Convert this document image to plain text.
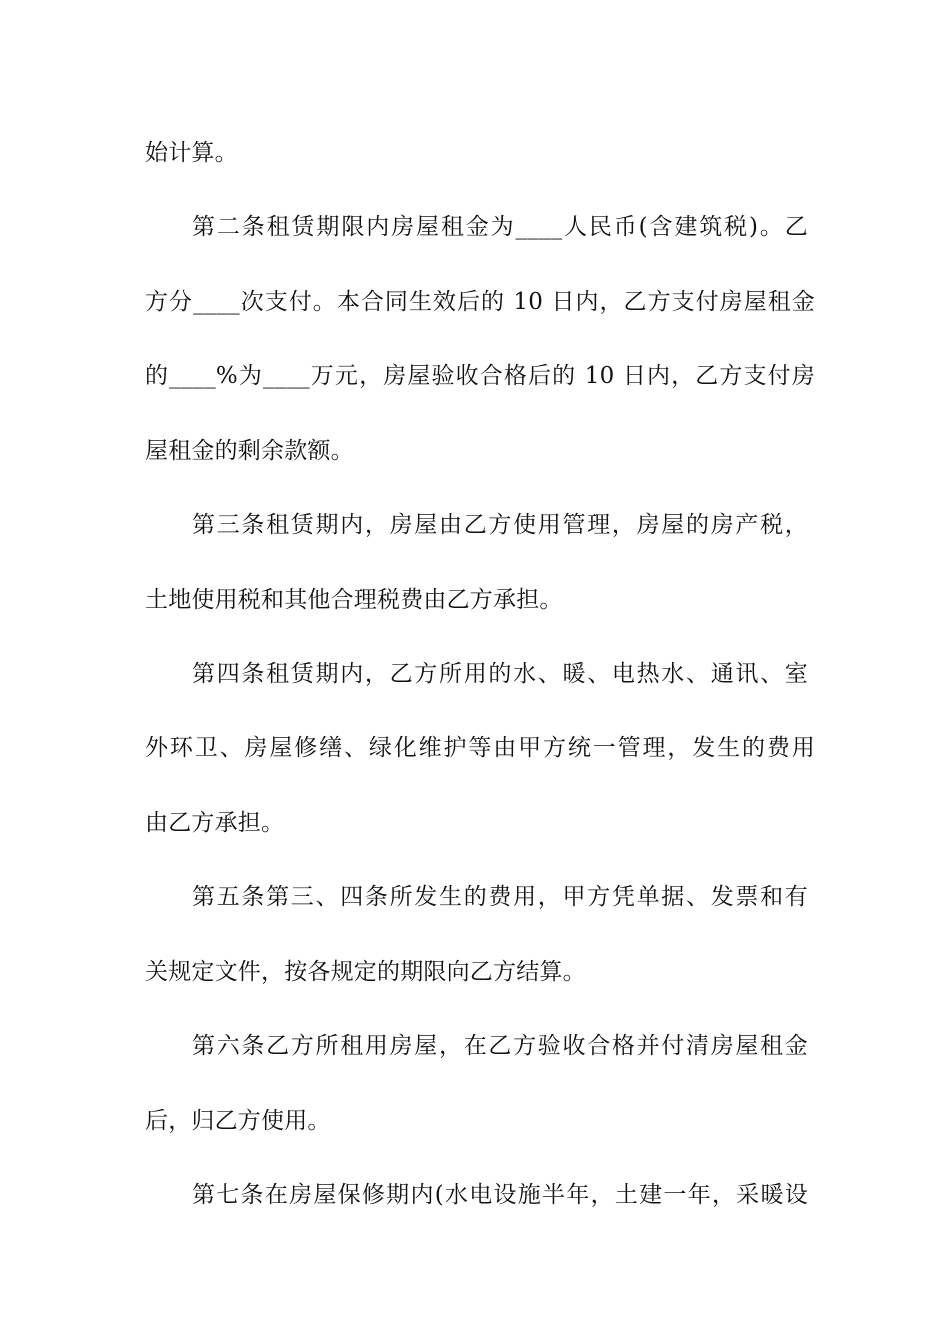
始计算。
第二条租赁期限内房屋租金为____人民币(含建筑税)。乙
方分____次支付。本合同生效后的 10 日内，乙方支付房屋租金
的____%为____万元，房屋验收合格后的 10 日内，乙方支付房
屋租金的剩余款额。
第三条租赁期内，房屋由乙方使用管理，房屋的房产税，
土地使用税和其他合理税费由乙方承担。
第四条租赁期内，乙方所用的水、暖、电热水、通讯、室
外环卫、房屋修缮、绿化维护等由甲方统一管理，发生的费用
由乙方承担。
第五条第三、四条所发生的费用，甲方凭单据、发票和有
关规定文件，按各规定的期限向乙方结算。
第六条乙方所租用房屋，在乙方验收合格并付清房屋租金
后，归乙方使用。
第七条在房屋保修期内(水电设施半年，土建一年，采暖设
